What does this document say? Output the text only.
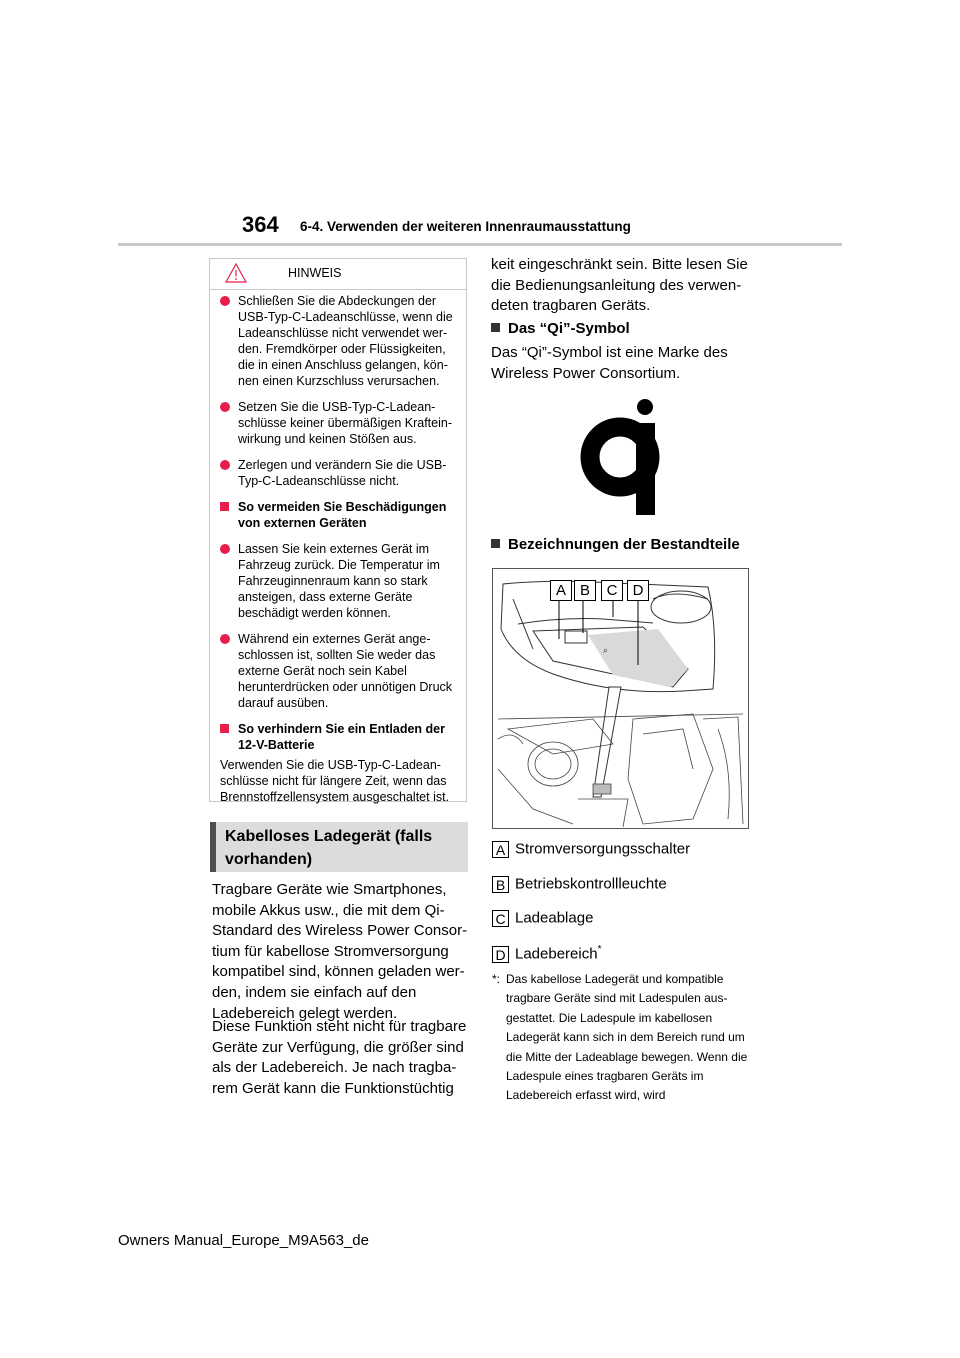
364 6-4. Verwenden der weiteren Innenraumausstattung
HINWEIS
Schließen Sie die Abdeckungen der USB-Typ-C-Ladeanschlüsse, wenn die Ladeanschlüsse nicht verwendet werden. Fremdkörper oder Flüssigkeiten, die in einen Anschluss gelangen, können einen Kurzschluss verursachen.
Setzen Sie die USB-Typ-C-Ladeanschlüsse keiner übermäßigen Krafteinwirkung und keinen Stößen aus.
Zerlegen und verändern Sie die USB-Typ-C-Ladeanschlüsse nicht.
So vermeiden Sie Beschädigungen von externen Geräten
Lassen Sie kein externes Gerät im Fahrzeug zurück. Die Temperatur im Fahrzeuginnenraum kann so stark ansteigen, dass externe Geräte beschädigt werden können.
Während ein externes Gerät angeschlossen ist, sollten Sie weder das externe Gerät noch sein Kabel herunterdrücken oder unnötigen Druck darauf ausüben.
So verhindern Sie ein Entladen der 12-V-Batterie
Verwenden Sie die USB-Typ-C-Ladeanschlüsse nicht für längere Zeit, wenn das Brennstoffzellensystem ausgeschaltet ist.
Kabelloses Ladegerät (falls vorhanden)
Tragbare Geräte wie Smartphones, mobile Akkus usw., die mit dem Qi-Standard des Wireless Power Consortium für kabellose Stromversorgung kompatibel sind, können geladen werden, indem sie einfach auf den Ladebereich gelegt werden.
Diese Funktion steht nicht für tragbare Geräte zur Verfügung, die größer sind als der Ladebereich. Je nach tragbarem Gerät kann die Funktionstüchtig
keit eingeschränkt sein. Bitte lesen Sie die Bedienungsanleitung des verwendeten tragbaren Geräts.
Das “Qi”-Symbol
Das “Qi”-Symbol ist eine Marke des Wireless Power Consortium.
Bezeichnungen der Bestandteile
⌕
A B	C	D
A Stromversorgungsschalter
B Betriebskontrollleuchte
C Ladeablage
D Ladebereich*
*: Das kabellose Ladegerät und kompatible tragbare Geräte sind mit Ladespulen ausgestattet. Die Ladespule im kabellosen Ladegerät kann sich in dem Bereich rund um die Mitte der Ladeablage bewegen. Wenn die Ladespule eines tragbaren Geräts im Ladebereich erfasst wird, wird
Owners Manual_Europe_M9A563_de
